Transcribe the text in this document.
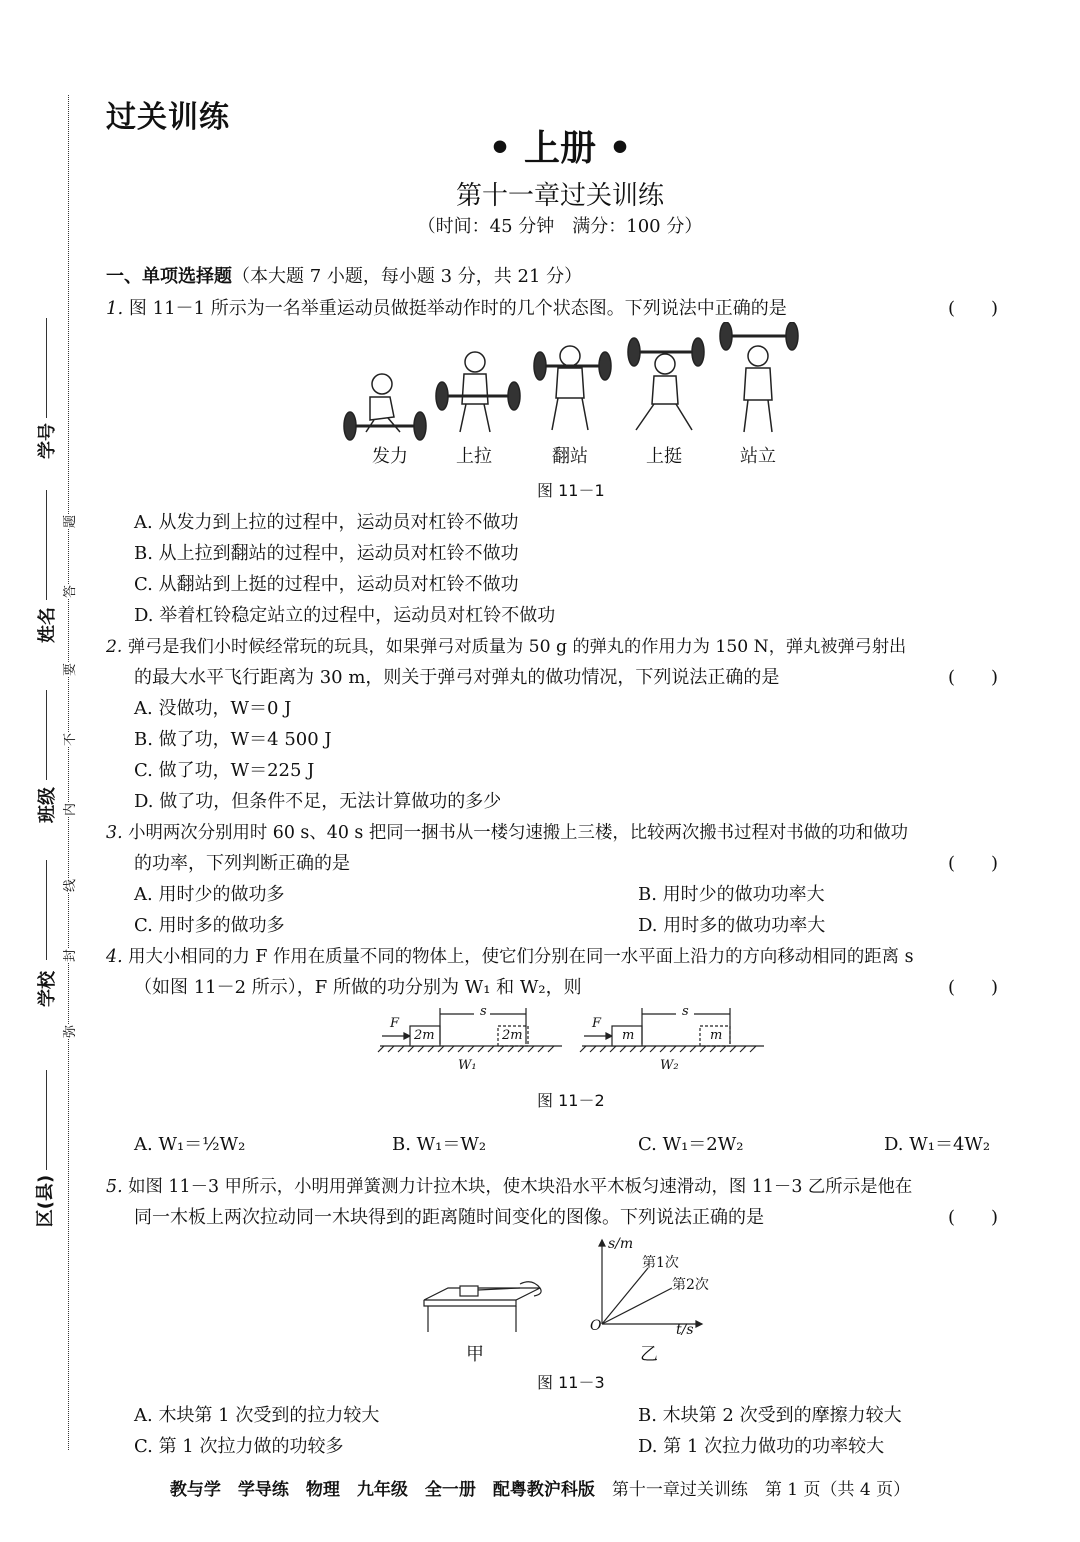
学号
姓名
班级
学校
区(县)
题
答
要
不
内
线
封
弥
过关训练
• 上册 •
第十一章过关训练
（时间：45 分钟　满分：100 分）
一、单项选择题（本大题 7 小题，每小题 3 分，共 21 分）
1. 图 11－1 所示为一名举重运动员做挺举动作时的几个状态图。下列说法中正确的是	(　　)
发力	上拉	翻站	上挺	站立
图 11－1
A. 从发力到上拉的过程中，运动员对杠铃不做功
B. 从上拉到翻站的过程中，运动员对杠铃不做功
C. 从翻站到上挺的过程中，运动员对杠铃不做功
D. 举着杠铃稳定站立的过程中，运动员对杠铃不做功
2. 弹弓是我们小时候经常玩的玩具，如果弹弓对质量为 50 g 的弹丸的作用力为 150 N，弹丸被弹弓射出
的最大水平飞行距离为 30 m，则关于弹弓对弹丸的做功情况，下列说法正确的是	(　　)
A. 没做功，W＝0 J
B. 做了功，W＝4 500 J
C. 做了功，W＝225 J
D. 做了功，但条件不足，无法计算做功的多少
3. 小明两次分别用时 60 s、40 s 把同一捆书从一楼匀速搬上三楼，比较两次搬书过程对书做的功和做功
的功率，下列判断正确的是	(　　)
A. 用时少的做功多	B. 用时少的做功功率大
C. 用时多的做功多	D. 用时多的做功功率大
4. 用大小相同的力 F 作用在质量不同的物体上，使它们分别在同一水平面上沿力的方向移动相同的距离 s
（如图 11－2 所示），F 所做的功分别为 W₁ 和 W₂，则	(　　)
F
s
2m	2m
W₁
F
s
m	m
W₂
图 11－2
A. W₁＝½W₂	B. W₁＝W₂	C. W₁＝2W₂	D. W₁＝4W₂
5. 如图 11－3 甲所示，小明用弹簧测力计拉木块，使木块沿水平木板匀速滑动，图 11－3 乙所示是他在
同一木板上两次拉动同一木块得到的距离随时间变化的图像。下列说法正确的是	(　　)
甲
s/m
t/s
O
第1次
第2次
乙
图 11－3
A. 木块第 1 次受到的拉力较大	B. 木块第 2 次受到的摩擦力较大
C. 第 1 次拉力做的功较多	D. 第 1 次拉力做功的功率较大
教与学　学导练　物理　九年级　全一册　配粤教沪科版　 第十一章过关训练　第 1 页（共 4 页）
